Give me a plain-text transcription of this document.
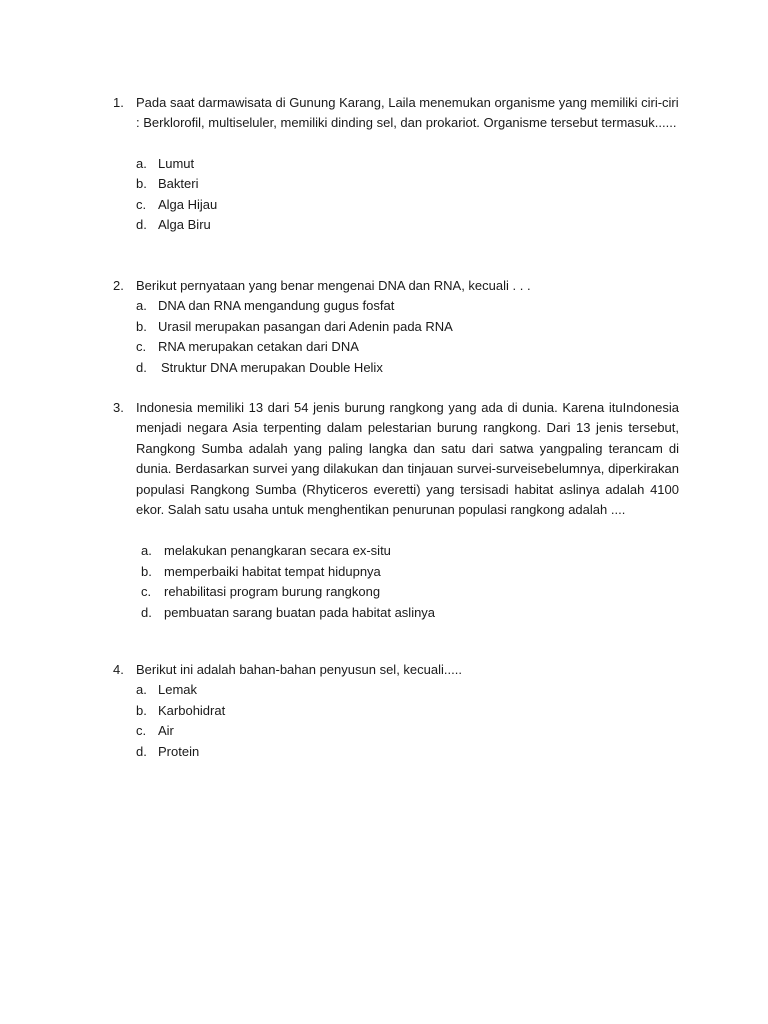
1. Pada saat darmawisata di Gunung Karang, Laila menemukan organisme yang memiliki ciri-ciri : Berklorofil, multiseluler, memiliki dinding sel, dan prokariot. Organisme tersebut termasuk......
a. Lumut
b. Bakteri
c. Alga Hijau
d. Alga Biru
2. Berikut pernyataan yang benar mengenai DNA dan RNA, kecuali . . .
a. DNA dan RNA mengandung gugus fosfat
b. Urasil merupakan pasangan dari Adenin pada RNA
c. RNA merupakan cetakan dari DNA
d.	Struktur DNA merupakan Double Helix
3. Indonesia memiliki 13 dari 54 jenis burung rangkong yang ada di dunia. Karena ituIndonesia menjadi negara Asia terpenting dalam pelestarian burung rangkong. Dari 13 jenis tersebut, Rangkong Sumba adalah yang paling langka dan satu dari satwa yangpaling terancam di dunia. Berdasarkan survei yang dilakukan dan tinjauan survei-surveisebelumnya, diperkirakan populasi Rangkong Sumba (Rhyticeros everetti) yang tersisadi habitat aslinya adalah 4100 ekor. Salah satu usaha untuk menghentikan penurunan populasi rangkong adalah ....
a. melakukan penangkaran secara ex-situ
b. memperbaiki habitat tempat hidupnya
c. rehabilitasi program burung rangkong
d. pembuatan sarang buatan pada habitat aslinya
4. Berikut ini adalah bahan-bahan penyusun sel, kecuali.....
a. Lemak
b. Karbohidrat
c. Air
d. Protein
